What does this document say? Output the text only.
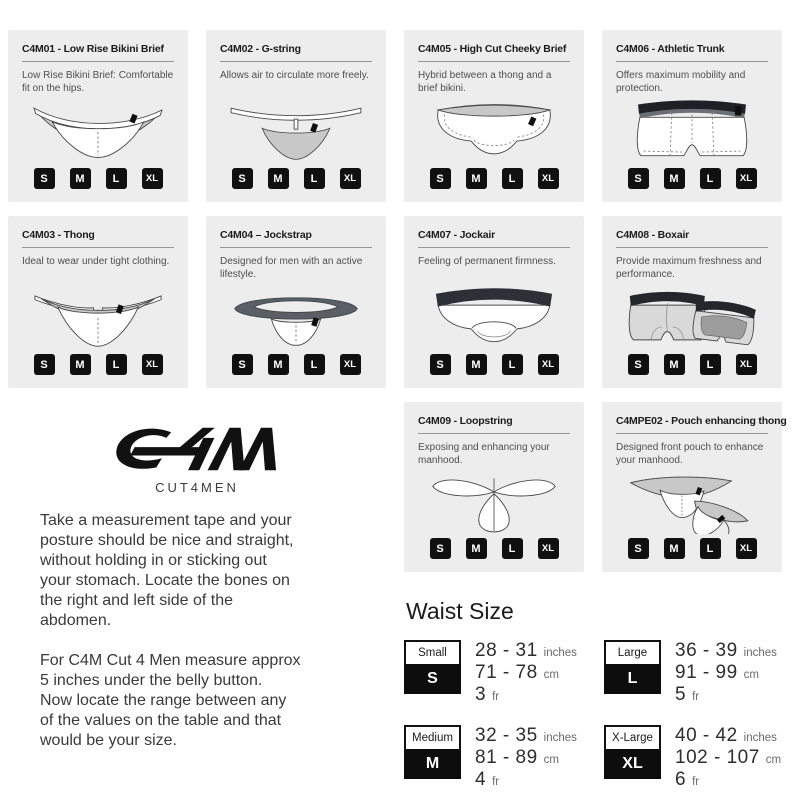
C4M01 - Low Rise Bikini Brief

Low Rise Bikini Brief: Comfortable fit on the hips.

S	M	L	XL
C4M02 - G-string

Allows air to circulate more freely.

S	M	L	XL
C4M05 - High Cut Cheeky Brief

Hybrid between a thong and a brief bikini.

S	M	L	XL
C4M06 - Athletic Trunk

Offers maximum mobility and protection.

S	M	L	XL
C4M03 - Thong

Ideal to wear under tight clothing.

S	M	L	XL
C4M04 – Jockstrap

Designed for men with an active lifestyle.

S	M	L	XL
C4M07 - Jockair

Feeling of permanent firmness.

S	M	L	XL
C4M08 - Boxair

Provide maximum freshness and performance.

S	M	L	XL
CUT4MEN
Take a measurement tape and your
posture should be nice and straight,
without holding in or sticking out
your stomach. Locate the bones on
the right and left side of the
abdomen.
For C4M Cut 4 Men measure approx
5 inches under the belly button.
Now locate the range between any
of the values on the table and that
would be your size.
C4M09 - Loopstring

Exposing and enhancing your manhood.

S	M	L	XL
C4MPE02 - Pouch enhancing thong

Designed front pouch to enhance your manhood.

S	M	L	XL
Waist Size
Small
S
28 - 31 inches
71 - 78 cm
3 fr
Large
L
36 - 39 inches
91 - 99 cm
5 fr
Medium
M
32 - 35 inches
81 - 89 cm
4 fr
X-Large
XL
40 - 42 inches
102 - 107 cm
6 fr
